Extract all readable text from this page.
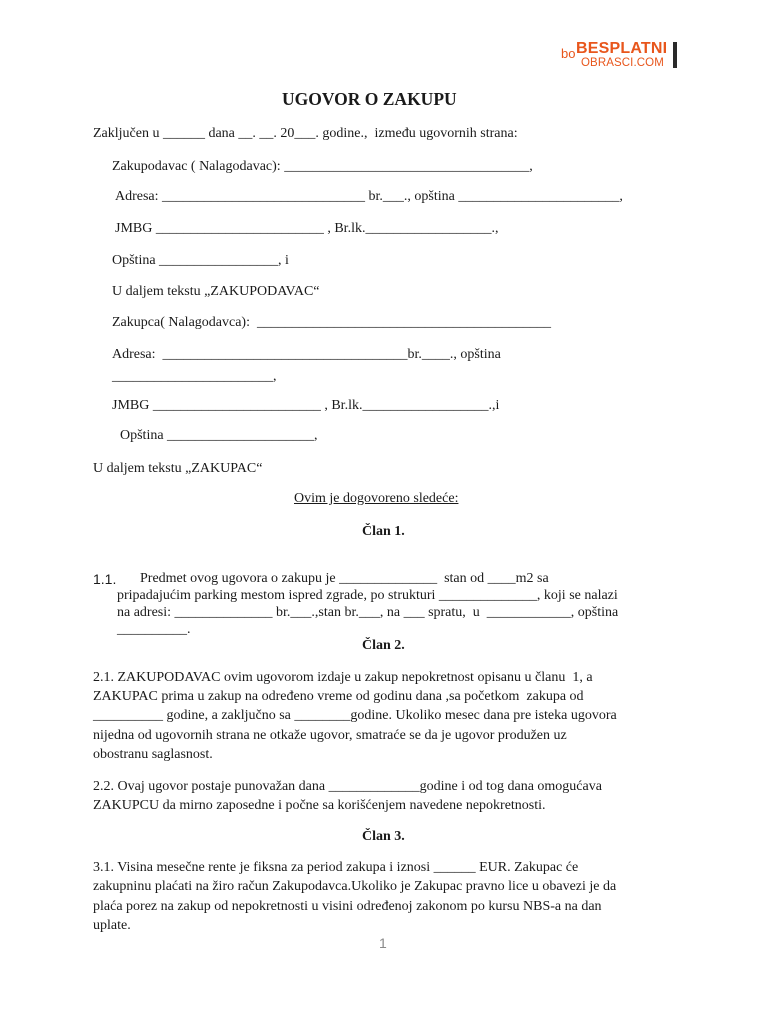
bo BESPLATNI
OBRASCI.COM
UGOVOR O ZAKUPU
Zaključen u ______ dana __. __. 20___. godine.,  između ugovornih strana:
Zakupodavac ( Nalagodavac): ___________________________________,
Adresa: _____________________________ br.___., opština _______________________,
JMBG ________________________ , Br.lk.__________________.,
Opština _________________, i
U daljem tekstu „ZAKUPODAVAC“
Zakupca( Nalagodavca):  __________________________________________
Adresa:  ___________________________________br.____., opština
_______________________,
JMBG ________________________ , Br.lk.__________________.,i
Opština _____________________,
U daljem tekstu „ZAKUPAC“
Ovim je dogovoreno sledeće:
Član 1.
1.1. Predmet ovog ugovora o zakupu je ______________  stan od ____m2 sa
pripadajućim parking mestom ispred zgrade, po strukturi ______________, koji se nalazi
na adresi: ______________ br.___.,stan br.___, na ___ spratu,  u  ____________, opština
__________.
Član 2.
2.1. ZAKUPODAVAC ovim ugovorom izdaje u zakup nepokretnost opisanu u članu  1, a
ZAKUPAC prima u zakup na određeno vreme od godinu dana ,sa početkom  zakupa od
__________ godine, a zaključno sa ________godine. Ukoliko mesec dana pre isteka ugovora
nijedna od ugovornih strana ne otkaže ugovor, smatraće se da je ugovor produžen uz
obostranu saglasnost.
2.2. Ovaj ugovor postaje punovažan dana _____________godine i od tog dana omogućava
ZAKUPCU da mirno zaposedne i počne sa korišćenjem navedene nepokretnosti.
Član 3.
3.1. Visina mesečne rente je fiksna za period zakupa i iznosi ______ EUR. Zakupac će
zakupninu plaćati na žiro račun Zakupodavca.Ukoliko je Zakupac pravno lice u obavezi je da
plaća porez na zakup od nepokretnosti u visini određenoj zakonom po kursu NBS-a na dan
uplate.
1
